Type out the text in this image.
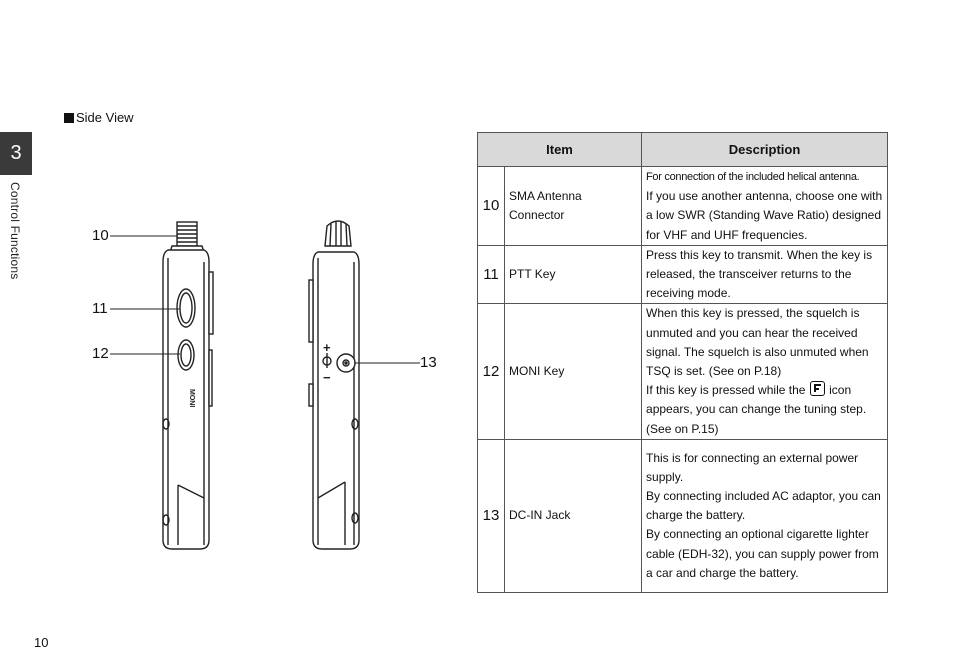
3
Control Functions
Side View
MONI
+
−
10
11
12
13
Item		Description
10	SMA Antenna Connector	For connection of the included helical antenna.
If you use another antenna, choose one with a low SWR (Standing Wave Ratio) designed for VHF and UHF frequencies.
11	PTT Key	Press this key to transmit. When the key is released, the transceiver returns to the receiving mode.
12	MONI Key	When this key is pressed, the squelch is unmuted and you can hear the received signal. The squelch is also unmuted when TSQ is set. (See on P.18)
If this key is pressed while the icon appears, you can change the tuning step. (See on P.15)
13	DC-IN Jack	This is for connecting an external power supply.
By connecting included AC adaptor, you can charge the battery.
By connecting an optional cigarette lighter cable (EDH-32), you can supply power from a car and charge the battery.
10
